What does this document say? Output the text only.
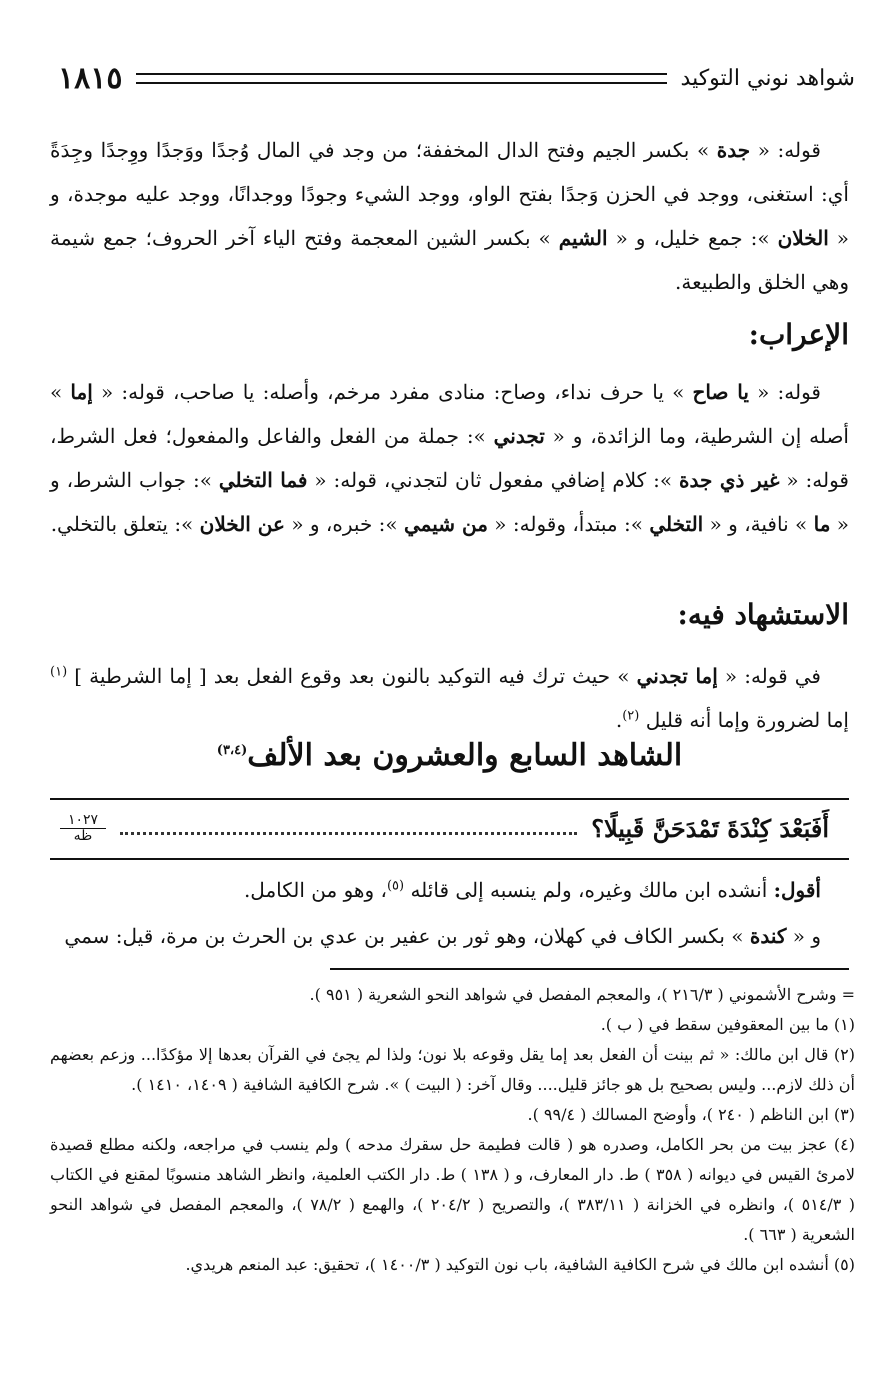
شواهد نوني التوكيد
١٨١٥
قوله: « جدة » بكسر الجيم وفتح الدال المخففة؛ من وجد في المال وُجدًا ووَجدًا ووِجدًا وجِدَةً أي: استغنى، ووجد في الحزن وَجدًا بفتح الواو، ووجد الشيء وجودًا ووجدانًا، ووجد عليه موجدة، و « الخلان »: جمع خليل، و « الشيم » بكسر الشين المعجمة وفتح الياء آخر الحروف؛ جمع شيمة وهي الخلق والطبيعة.
الإعراب:
قوله: « يا صاح » يا حرف نداء، وصاح: منادى مفرد مرخم، وأصله: يا صاحب، قوله: « إما » أصله إن الشرطية، وما الزائدة، و « تجدني »: جملة من الفعل والفاعل والمفعول؛ فعل الشرط، قوله: « غير ذي جدة »: كلام إضافي مفعول ثان لتجدني، قوله: « فما التخلي »: جواب الشرط، و « ما » نافية، و « التخلي »: مبتدأ، وقوله: « من شيمي »: خبره، و « عن الخلان »: يتعلق بالتخلي.
الاستشهاد فيه:
في قوله: « إما تجدني » حيث ترك فيه التوكيد بالنون بعد وقوع الفعل بعد [ إما الشرطية ] $^{(١)}$ إما لضرورة وإما أنه قليل $^{(٢)}$.
الشاهد السابع والعشرون بعد الألف$^{(٣،٤)}$
أَفَبَعْدَ كِنْدَةَ تَمْدَحَنَّ قَبِيلًا؟
١٠٢٧
ظه
أقول: أنشده ابن مالك وغيره، ولم ينسبه إلى قائله $^{(٥)}$، وهو من الكامل.
و « كندة » بكسر الكاف في كهلان، وهو ثور بن عفير بن عدي بن الحرث بن مرة، قيل: سمي

= وشرح الأشموني ( ٢١٦/٣ )، والمعجم المفصل في شواهد النحو الشعرية ( ٩٥١ ).

(١) ما بين المعقوفين سقط في ( ب ).

(٢) قال ابن مالك: « ثم بينت أن الفعل بعد إما يقل وقوعه بلا نون؛ ولذا لم يجئ في القرآن بعدها إلا مؤكدًا... وزعم بعضهم أن ذلك لازم... وليس بصحيح بل هو جائز قليل.... وقال آخر: ( البيت ) ». شرح الكافية الشافية ( ١٤٠٩، ١٤١٠ ).

(٣) ابن الناظم ( ٢٤٠ )، وأوضح المسالك ( ٩٩/٤ ).

(٤) عجز بيت من بحر الكامل، وصدره هو ( قالت فطيمة حل سقرك مدحه ) ولم ينسب في مراجعه، ولكنه مطلع قصيدة لامرئ القيس في ديوانه ( ٣٥٨ ) ط. دار المعارف، و ( ١٣٨ ) ط. دار الكتب العلمية، وانظر الشاهد منسوبًا لمقنع في الكتاب ( ٥١٤/٣ )، وانظره في الخزانة ( ٣٨٣/١١ )، والتصريح ( ٢٠٤/٢ )، والهمع ( ٧٨/٢ )، والمعجم المفصل في شواهد النحو الشعرية ( ٦٦٣ ).

(٥) أنشده ابن مالك في شرح الكافية الشافية، باب نون التوكيد ( ١٤٠٠/٣ )، تحقيق: عبد المنعم هريدي.
